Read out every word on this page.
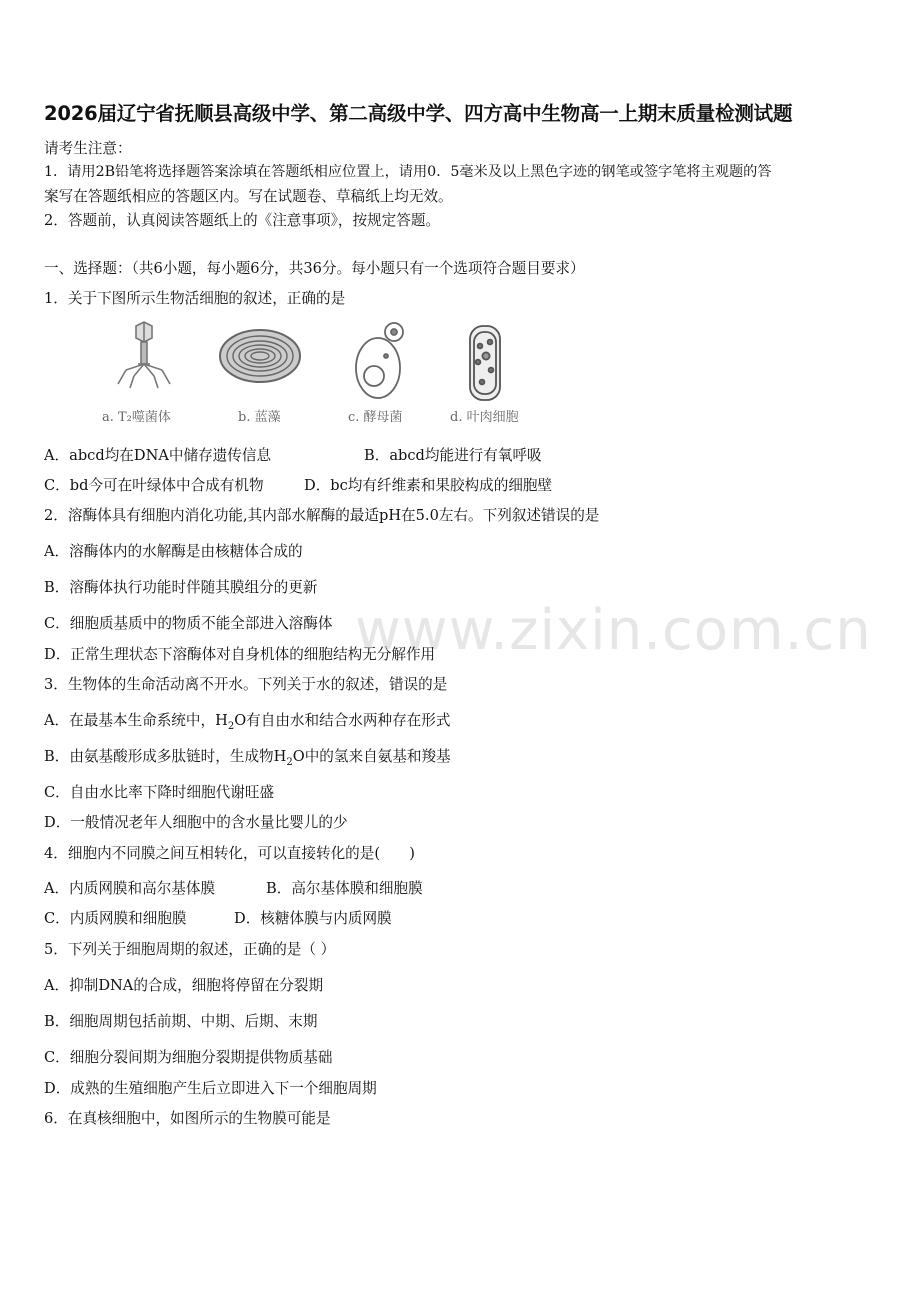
www.zixin.com.cn
2026届辽宁省抚顺县高级中学、第二高级中学、四方高中生物高一上期末质量检测试题
请考生注意：
1．请用2B铅笔将选择题答案涂填在答题纸相应位置上，请用0．5毫米及以上黑色字迹的钢笔或签字笔将主观题的答
案写在答题纸相应的答题区内。写在试题卷、草稿纸上均无效。
2．答题前，认真阅读答题纸上的《注意事项》，按规定答题。
一、选择题：（共6小题，每小题6分，共36分。每小题只有一个选项符合题目要求）
1．关于下图所示生物活细胞的叙述，正确的是
a. T₂噬菌体	b. 蓝藻	c. 酵母菌	d. 叶肉细胞
A．abcd均在DNA中储存遗传信息	B．abcd均能进行有氧呼吸
C．bd今可在叶绿体中合成有机物	D．bc均有纤维素和果胶构成的细胞壁
2．溶酶体具有细胞内消化功能,其内部水解酶的最适pH在5.0左右。下列叙述错误的是
A．溶酶体内的水解酶是由核糖体合成的
B．溶酶体执行功能时伴随其膜组分的更新
C．细胞质基质中的物质不能全部进入溶酶体
D．正常生理状态下溶酶体对自身机体的细胞结构无分解作用
3．生物体的生命活动离不开水。下列关于水的叙述，错误的是
A．在最基本生命系统中，$H_2O$有自由水和结合水两种存在形式
B．由氨基酸形成多肽链时，生成物$H_2O$中的氢来自氨基和羧基
C．自由水比率下降时细胞代谢旺盛
D．一般情况老年人细胞中的含水量比婴儿的少
4．细胞内不同膜之间互相转化，可以直接转化的是(　　)
A．内质网膜和高尔基体膜	B．高尔基体膜和细胞膜
C．内质网膜和细胞膜	D．核糖体膜与内质网膜
5．下列关于细胞周期的叙述，正确的是（ ）
A．抑制DNA的合成，细胞将停留在分裂期
B．细胞周期包括前期、中期、后期、末期
C．细胞分裂间期为细胞分裂期提供物质基础
D．成熟的生殖细胞产生后立即进入下一个细胞周期
6．在真核细胞中，如图所示的生物膜可能是
